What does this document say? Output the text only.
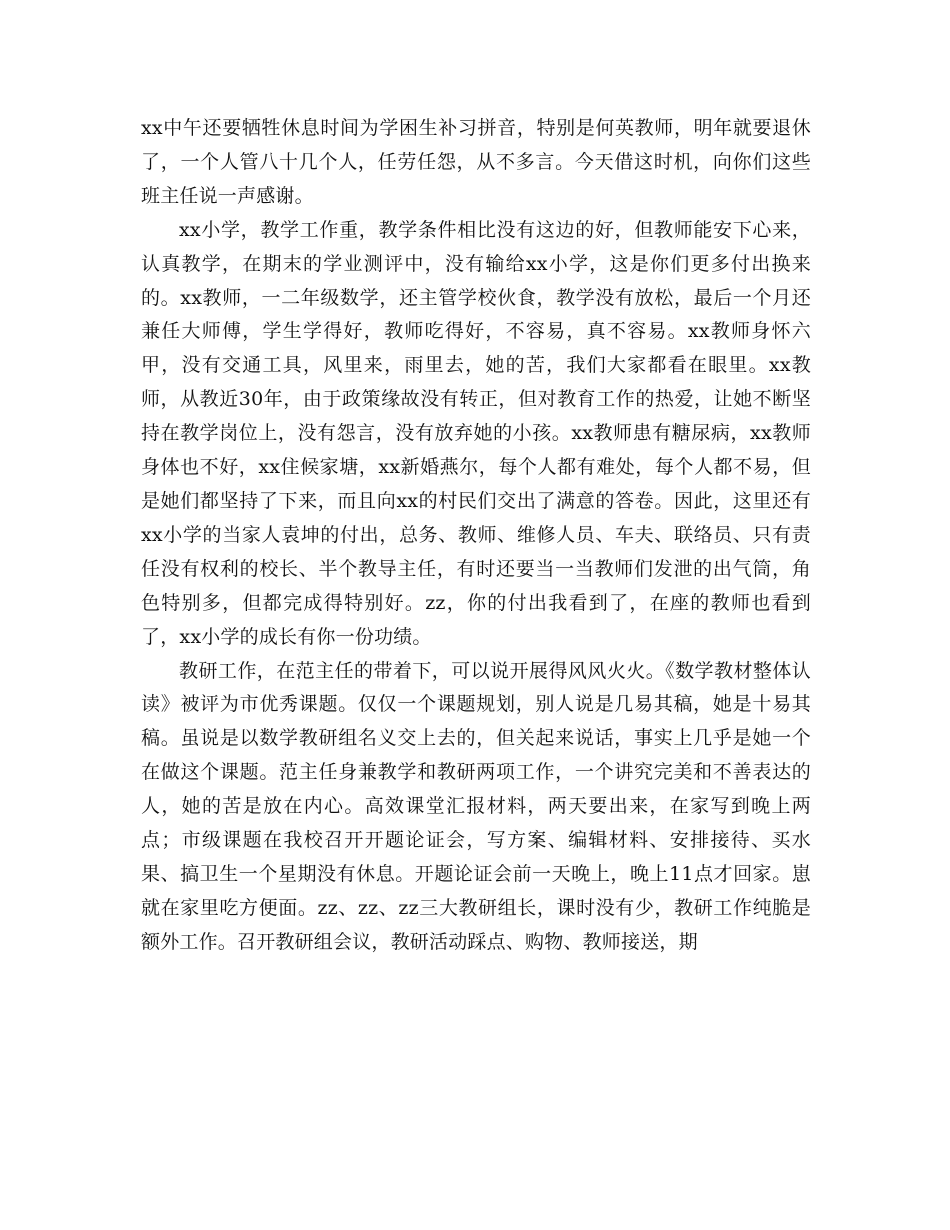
xx中午还要牺牲休息时间为学困生补习拼音，特别是何英教师，明年就要退休了，一个人管八十几个人，任劳任怨，从不多言。今天借这时机，向你们这些班主任说一声感谢。

xx小学，教学工作重，教学条件相比没有这边的好，但教师能安下心来，认真教学，在期末的学业测评中，没有输给xx小学，这是你们更多付出换来的。xx教师，一二年级数学，还主管学校伙食，教学没有放松，最后一个月还兼任大师傅，学生学得好，教师吃得好，不容易，真不容易。xx教师身怀六甲，没有交通工具，风里来，雨里去，她的苦，我们大家都看在眼里。xx教师，从教近30年，由于政策缘故没有转正，但对教育工作的热爱，让她不断坚持在教学岗位上，没有怨言，没有放弃她的小孩。xx教师患有糖尿病，xx教师身体也不好，xx住候家塘，xx新婚燕尔，每个人都有难处，每个人都不易，但是她们都坚持了下来，而且向xx的村民们交出了满意的答卷。因此，这里还有xx小学的当家人袁坤的付出，总务、教师、维修人员、车夫、联络员、只有责任没有权利的校长、半个教导主任，有时还要当一当教师们发泄的出气筒，角色特别多，但都完成得特别好。zz，你的付出我看到了，在座的教师也看到了，xx小学的成长有你一份功绩。

教研工作，在范主任的带着下，可以说开展得风风火火。《数学教材整体认读》被评为市优秀课题。仅仅一个课题规划，别人说是几易其稿，她是十易其稿。虽说是以数学教研组名义交上去的，但关起来说话，事实上几乎是她一个在做这个课题。范主任身兼教学和教研两项工作，一个讲究完美和不善表达的人，她的苦是放在内心。高效课堂汇报材料，两天要出来，在家写到晚上两点；市级课题在我校召开开题论证会，写方案、编辑材料、安排接待、买水果、搞卫生一个星期没有休息。开题论证会前一天晚上，晚上11点才回家。崽就在家里吃方便面。zz、zz、zz三大教研组长，课时没有少，教研工作纯脆是额外工作。召开教研组会议，教研活动踩点、购物、教师接送，期
